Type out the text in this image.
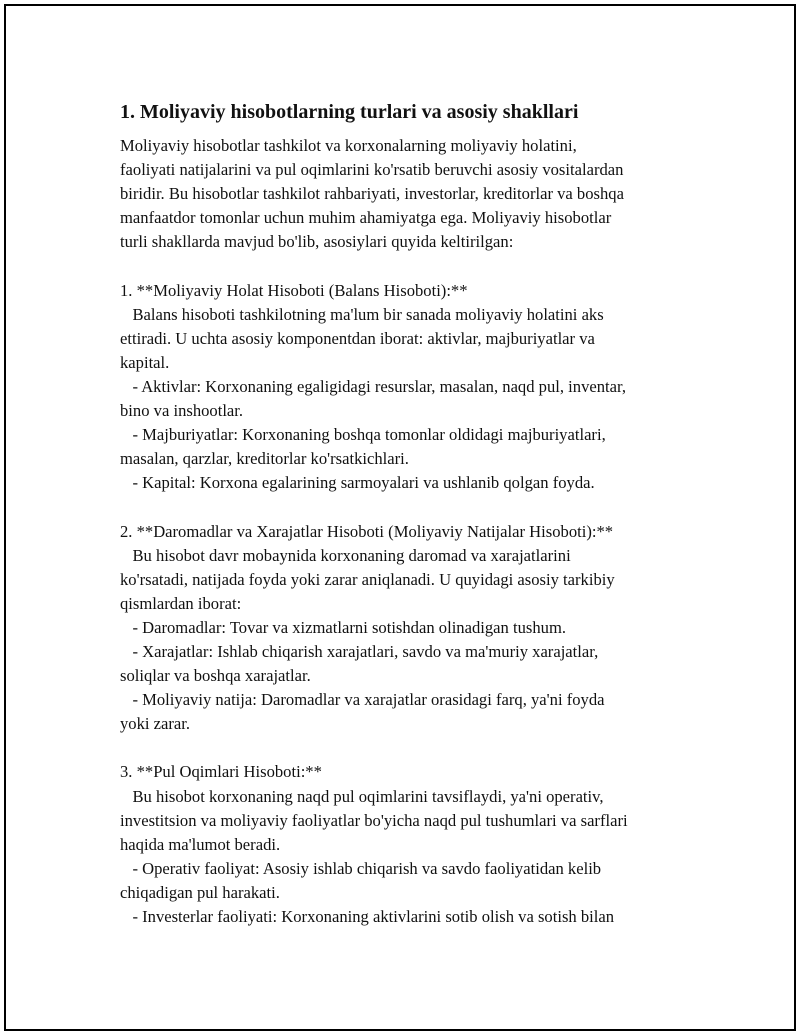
1. Moliyaviy hisobotlarning turlari va asosiy shakllari
Moliyaviy hisobotlar tashkilot va korxonalarning moliyaviy holatini,
faoliyati natijalarini va pul oqimlarini ko'rsatib beruvchi asosiy vositalardan
biridir. Bu hisobotlar tashkilot rahbariyati, investorlar, kreditorlar va boshqa
manfaatdor tomonlar uchun muhim ahamiyatga ega. Moliyaviy hisobotlar
turli shakllarda mavjud bo'lib, asosiylari quyida keltirilgan:
1. **Moliyaviy Holat Hisoboti (Balans Hisoboti):**
Balans hisoboti tashkilotning ma'lum bir sanada moliyaviy holatini aks
ettiradi. U uchta asosiy komponentdan iborat: aktivlar, majburiyatlar va
kapital.
- Aktivlar: Korxonaning egaligidagi resurslar, masalan, naqd pul, inventar,
bino va inshootlar.
- Majburiyatlar: Korxonaning boshqa tomonlar oldidagi majburiyatlari,
masalan, qarzlar, kreditorlar ko'rsatkichlari.
- Kapital: Korxona egalarining sarmoyalari va ushlanib qolgan foyda.
2. **Daromadlar va Xarajatlar Hisoboti (Moliyaviy Natijalar Hisoboti):**
Bu hisobot davr mobaynida korxonaning daromad va xarajatlarini
ko'rsatadi, natijada foyda yoki zarar aniqlanadi. U quyidagi asosiy tarkibiy
qismlardan iborat:
- Daromadlar: Tovar va xizmatlarni sotishdan olinadigan tushum.
- Xarajatlar: Ishlab chiqarish xarajatlari, savdo va ma'muriy xarajatlar,
soliqlar va boshqa xarajatlar.
- Moliyaviy natija: Daromadlar va xarajatlar orasidagi farq, ya'ni foyda
yoki zarar.
3. **Pul Oqimlari Hisoboti:**
Bu hisobot korxonaning naqd pul oqimlarini tavsiflaydi, ya'ni operativ,
investitsion va moliyaviy faoliyatlar bo'yicha naqd pul tushumlari va sarflari
haqida ma'lumot beradi.
- Operativ faoliyat: Asosiy ishlab chiqarish va savdo faoliyatidan kelib
chiqadigan pul harakati.
- Investerlar faoliyati: Korxonaning aktivlarini sotib olish va sotish bilan
